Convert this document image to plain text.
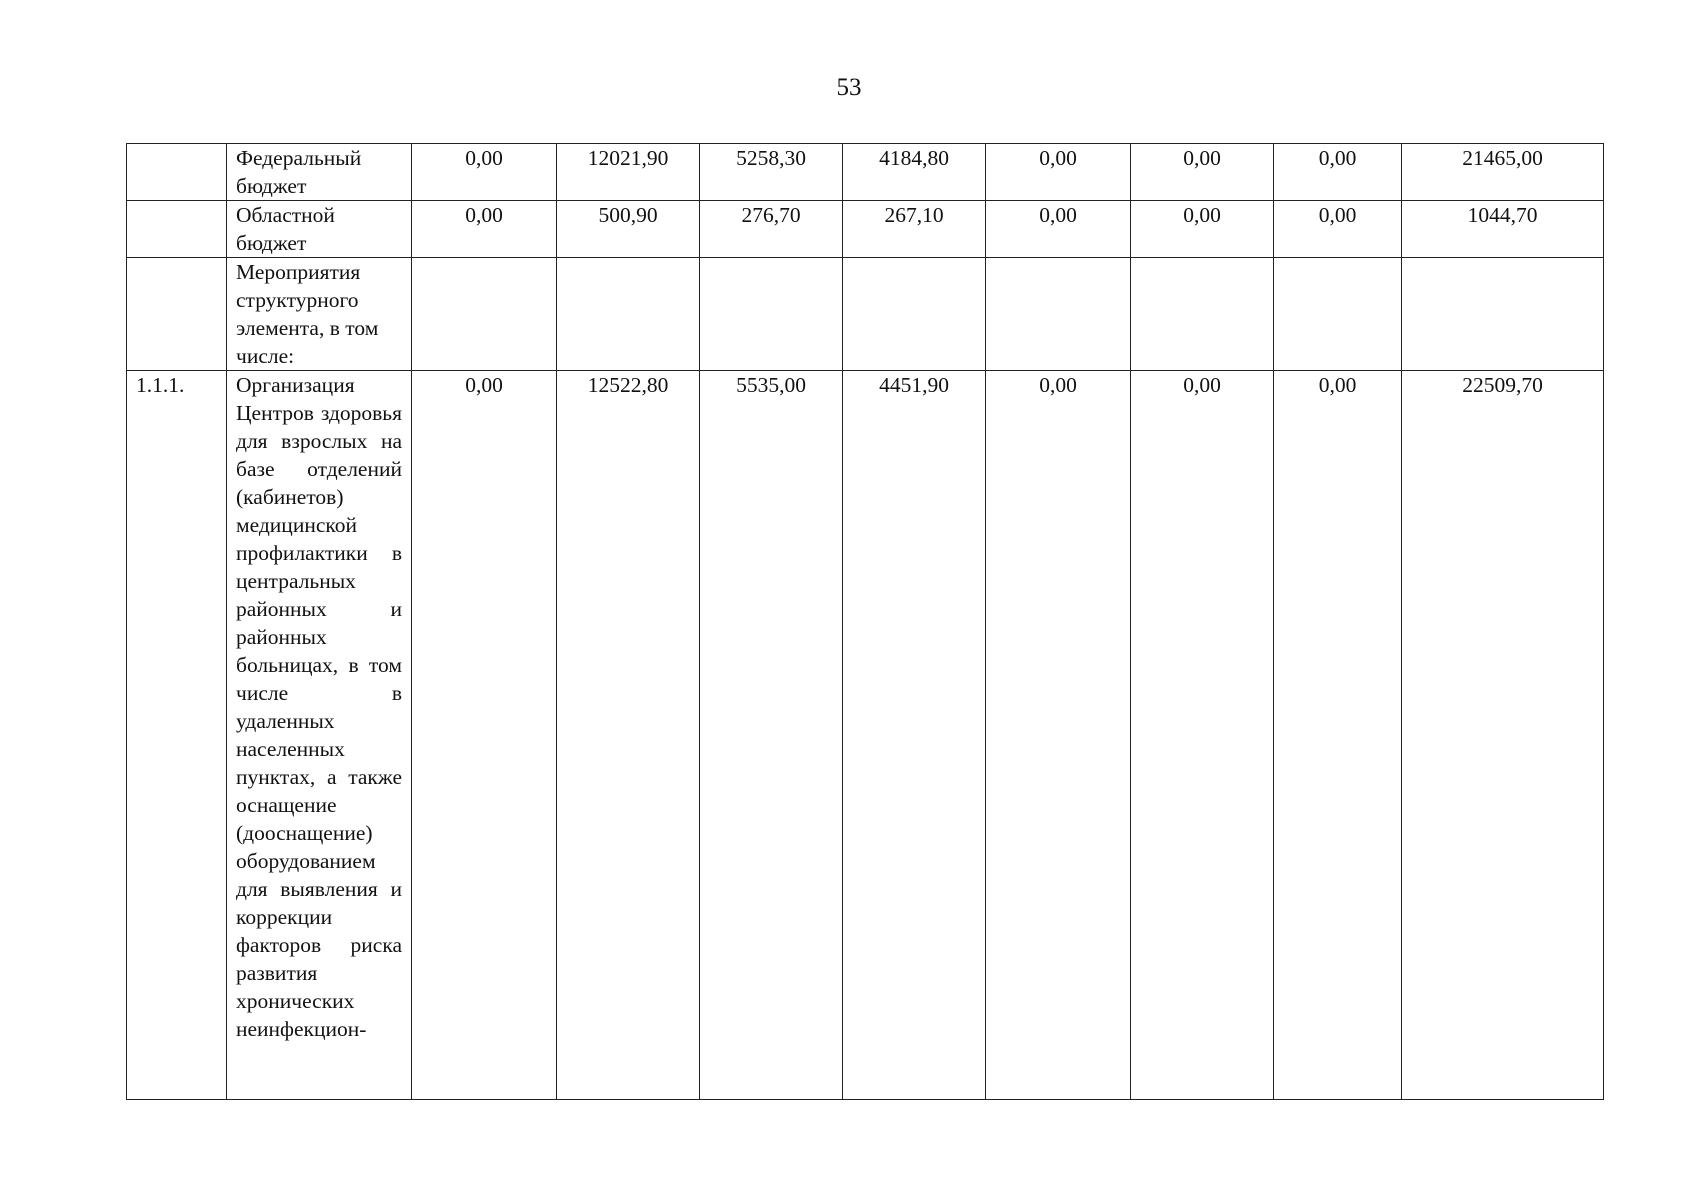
53
	Федеральный бюджет	0,00	12021,90	5258,30	4184,80	0,00	0,00	0,00	21465,00
	Областной бюджет	0,00	500,90	276,70	267,10	0,00	0,00	0,00	1044,70
	Мероприятия структурного элемента, в том числе:								
1.1.1.	Организация Центров здоровья для взрослых на базе отделений (кабинетов) медицинской профилактики в центральных районных и районных больницах, в том числе в удаленных населенных пунктах, а также оснащение (дооснащение) оборудованием для выявления и коррекции факторов риска развития хронических неинфекцион-	0,00	12522,80	5535,00	4451,90	0,00	0,00	0,00	22509,70
